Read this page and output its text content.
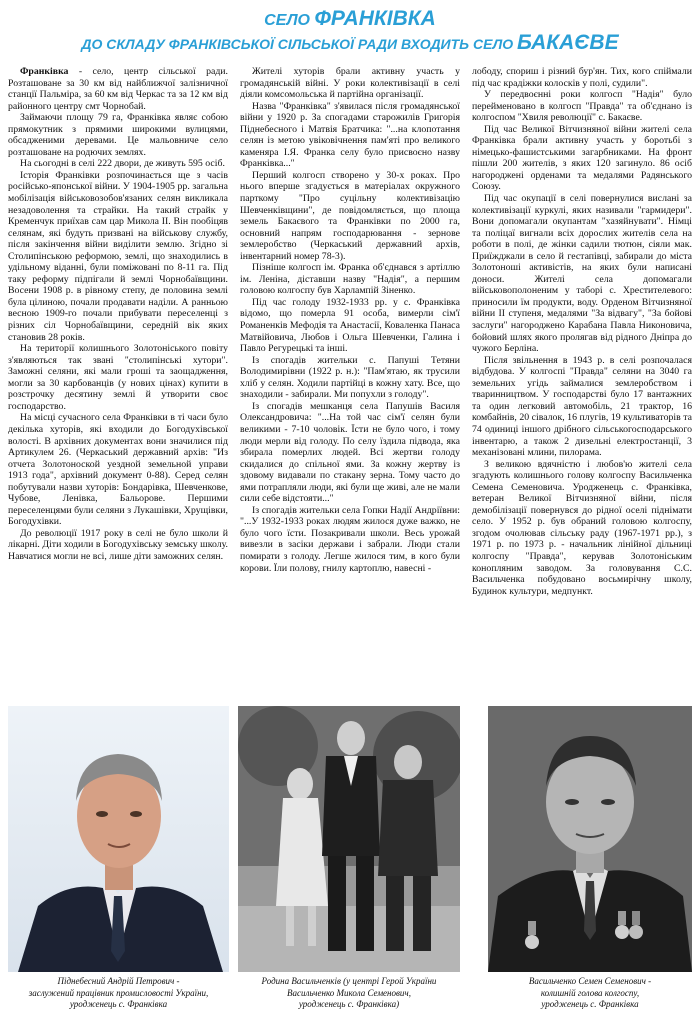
СЕЛО ФРАНКІВКА
ДО СКЛАДУ ФРАНКІВСЬКОЇ СІЛЬСЬКОЇ РАДИ ВХОДИТЬ СЕЛО БАКАЄВЕ

Франківка - село, центр сільської ради. Розташоване за 30 км від найближчої залізничної станції Пальміра, за 60 км від Черкас та за 12 км від районного центру смт Чорнобай.

Займаючи площу 79 га, Франківка являє собою прямокутник з прямими широкими вулицями, обсадженими деревами. Це мальовниче село розташоване на родючих землях.

На сьогодні в селі 222 двори, де живуть 595 осіб.

Історія Франківки розпочинається ще з часів російсько-японської війни. У 1904-1905 рр. загальна мобілізація військовозобов'язаних селян викликала незадоволення та страйки. На такий страйк у Кременчук приїхав сам цар Микола II. Він пообіцяв селянам, які будуть призвані на військову службу, після закінчення війни виділити землю. Згідно зі Столипінською реформою, землі, що знаходились в удільному віданні, були поміжовані по 8-11 га. Під таку реформу підпігали й землі Чорнобаївщини. Восени 1908 р. в рівному степу, де половина землі була цілиною, почали продавати наділи. А ранньою весною 1909-го почали прибувати переселенці з різних сіл Чорнобаївщини, середній вік яких становив 28 років.

На території колишнього Золотоніського повіту з'являються так звані "столипінські хутори". Заможні селяни, які мали гроші та заощадження, могли за 30 карбованців (у нових цінах) купити в розстрочку десятину землі й утворити своє господарство.

На місці сучасного села Франківки в ті часи було декілька хуторів, які входили до Богодухівської волості. В архівних документах вони значилися під Артикулем 26. (Черкаський державний архів: "Из отчета Золотоноской уездной земельной управи 1913 года", архівний документ 0-88). Серед селян побутували назви хуторів: Бондарівка, Шевченкове, Чубове, Ленівка, Бальорове. Першими переселенцями були селяни з Лукашівки, Хрущівки, Богодухівки.

До революції 1917 року в селі не було школи й лікарні. Діти ходили в Богодухівську земську школу. Навчатися могли не всі, лише діти заможних селян.

Жителі хуторів брали активну участь у громадянській війні. У роки колективізації в селі діяли комсомольська й партійна організації.

Назва "Франківка" з'явилася після громадянської війни у 1920 р. За спогадами старожилів Григорія Піднебесного і Матвія Братчика: "...на клопотання селян із метою увіковічнення пам'яті про великого каменяра І.Я. Франка селу було присвоєно назву Франківка..."

Перший колгосп створено у 30-х роках. Про нього вперше згадується в матеріалах окружного парткому "Про суцільну колективізацію Шевченківщини", де повідомляється, що площа земель Бакаєвого та Франківки по 2000 га, основний напрям господарювання - зернове землеробство (Черкаський державний архів, інвентарний номер 78-3).

Пізніше колгосп ім. Франка об'єднався з артіллю ім. Леніна, діставши назву "Надія", а першим головою колгоспу був Харлампій Зіненко.

Під час голоду 1932-1933 рр. у с. Франківка відомо, що померла 91 особа, вимерли сім'ї Романенків Мефодія та Анастасії, Коваленка Панаса Матвійовича, Любов і Ольга Шевченки, Галина і Павло Регурецькі та інші.

Із спогадів жительки с. Папуші Тетяни Володимирівни (1922 р. н.): "Пам'ятаю, як трусили хліб у селян. Ходили партійці в кожну хату. Все, що знаходили - забирали. Ми попухли з голоду".

Із спогадів мешканця села Папушів Василя Олександровича: "...На той час сім'ї селян були великими - 7-10 чоловік. Їсти не було чого, і тому люди мерли від голоду. По селу їздила підвода, яка збирала померлих людей. Всі жертви голоду скидалися до спільної ями. За кожну жертву із здовому видавали по стакану зерна. Тому часто до ями потрапляли люди, які були ще живі, але не мали сили себе відстояти..."

Із спогадів жительки села Гопки Надії Андріївни: "...У 1932-1933 роках людям жилося дуже важко, не було чого їсти. Позакривали школи. Весь урожай вивезли в засіки держави і забрали. Люди стали помирати з голоду. Легше жилося тим, в кого були корови. Їли полову, гнилу картоплю, навесні -

лободу, спориш і різний бур'ян. Тих, кого спіймали під час крадіжки колосків у полі, судили".

У передвоєнні роки колгосп "Надія" було перейменовано в колгосп "Правда" та об'єднано із колгоспом "Хвиля революції" с. Бакаєве.

Під час Великої Вітчизняної війни жителі села Франківка брали активну участь у боротьбі з німецько-фашистськими загарбниками. На фронт пішли 200 жителів, з яких 120 загинуло. 86 осіб нагороджені орденами та медалями Радянського Союзу.

Під час окупації в селі повернулися висланi за колективізації куркулі, яких називали "гармидери". Вони допомагали окупантам "хазяйнувати". Німці та поліцаї вигнали всіх дорослих жителів села на роботи в полі, де жінки садили тютюн, сіяли мак. Приїжджали в село й гестапівці, забирали до міста Золотоноші активістів, на яких були написані доноси. Жителі села допомагали військовополоненим у таборі с. Хрестителевого: приносили їм продукти, воду. Орденом Вітчизняної війни II ступеня, медалями "За відвагу", "За бойові заслуги" нагороджено Карабана Павла Никоновича, бойовий шлях якого пролягав від рідного Дніпра до чужого Берліна.

Після звільнення в 1943 р. в селі розпочалася відбудова. У колгоспі "Правда" селяни на 3040 га земельних угідь займалися землеробством і тваринництвом. У господарстві було 17 вантажних та один легковий автомобіль, 21 трактор, 16 комбайнів, 20 сівалок, 16 плугів, 19 культиваторів та 74 одиниці іншого дрібного сільськогосподарського інвентарю, а також 2 дизельні електростанції, 3 механізовані млини, пилорама.

З великою вдячністю і любов'ю жителі села згадують колишнього голову колгоспу Васильченка Семена Семеновича. Уродженець с. Франківка, ветеран Великої Вітчизняної війни, після демобілізації повернувся до рідної оселі піднімати село. У 1952 р. був обраний головою колгоспу, згодом очолював сільську раду (1967-1971 рр.), з 1971 р. по 1973 р. - начальник лінійної дільниці колгоспу "Правда", керував Золотоніським конопляним заводом. За головування С.С. Васильченка побудовано восьмирічну школу, Будинок культури, медпункт.

Піднебесний Андрій Петрович -
заслужений працівник промисловості України,
уродженець с. Франківка
Родина Васильченків (у центрі Герой України
Васильченко Микола Семенович,
уродженець с. Франківка)
Васильченко Семен Семенович -
колишній голова колгоспу,
уродженець с. Франківка
